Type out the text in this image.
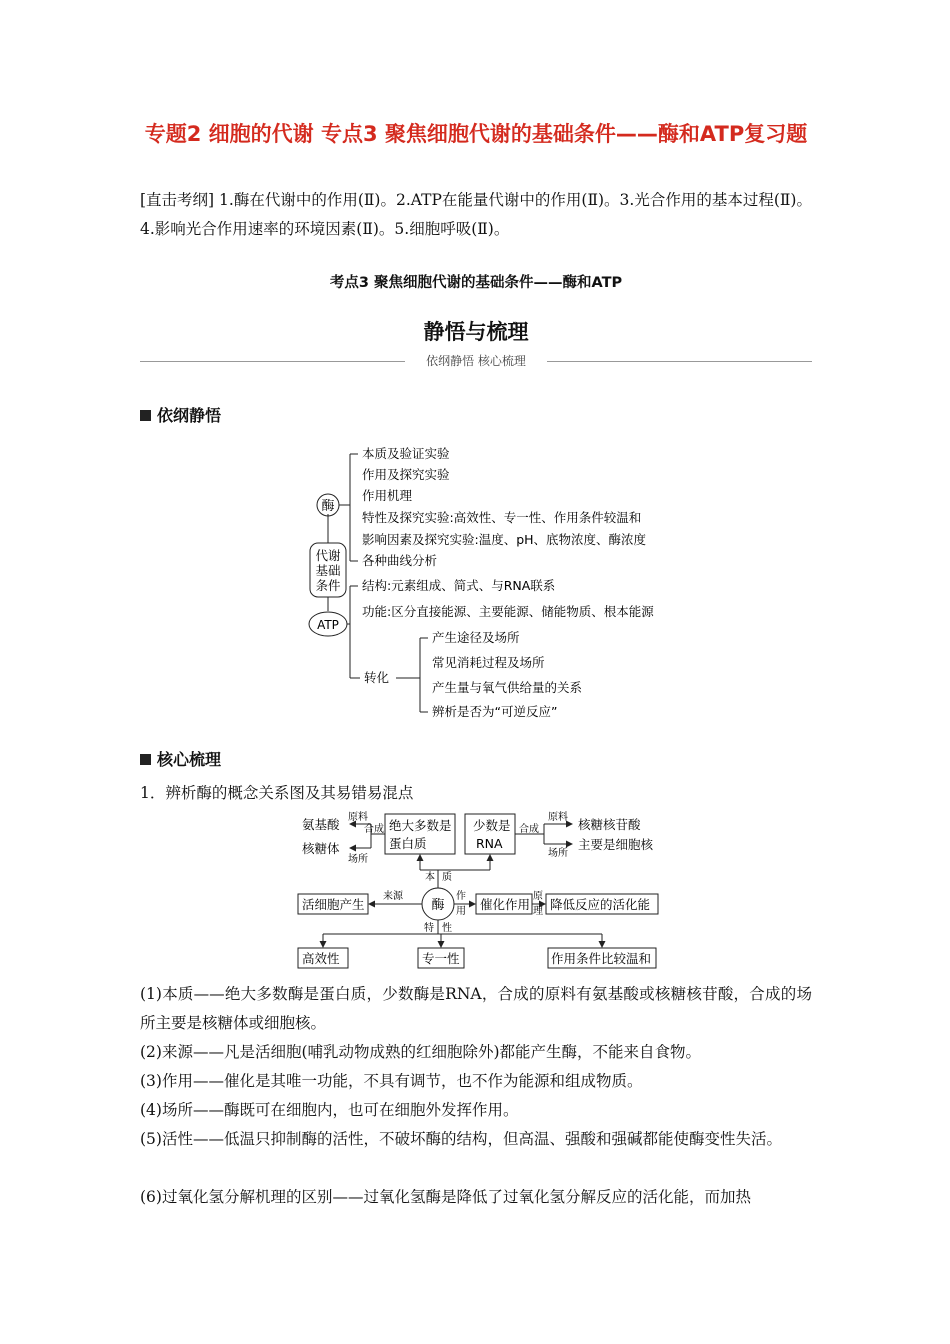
专题2 细胞的代谢 专点3 聚焦细胞代谢的基础条件——酶和ATP复习题
[直击考纲] 1.酶在代谢中的作用(Ⅱ)。2.ATP在能量代谢中的作用(Ⅱ)。3.光合作用的基本过程(Ⅱ)。4.影响光合作用速率的环境因素(Ⅱ)。5.细胞呼吸(Ⅱ)。
考点3 聚焦细胞代谢的基础条件——酶和ATP
静悟与梳理
依纲静悟 核心梳理
依纲静悟
酶
代谢
基础
条件
ATP
本质及验证实验
作用及探究实验
作用机理
特性及探究实验:高效性、专一性、作用条件较温和
影响因素及探究实验:温度、pH、底物浓度、酶浓度
各种曲线分析
结构:元素组成、简式、与RNA联系
功能:区分直接能源、主要能源、储能物质、根本能源
转化
产生途径及场所
常见消耗过程及场所
产生量与氧气供给量的关系
辨析是否为“可逆反应”
核心梳理
1．辨析酶的概念关系图及其易错易混点
氨基酸
核糖体
绝大多数是
蛋白质
少数是
RNA
核糖核苷酸
主要是细胞核
活细胞产生	催化作用 降低反应的活化能
高效性	专一性	作用条件比较温和
酶
原料
场所
合成	合成
原料
场所
本 质
来源	作
用
原
理
特 性
(1)本质——绝大多数酶是蛋白质，少数酶是RNA，合成的原料有氨基酸或核糖核苷酸，合成的场所主要是核糖体或细胞核。
(2)来源——凡是活细胞(哺乳动物成熟的红细胞除外)都能产生酶，不能来自食物。
(3)作用——催化是其唯一功能，不具有调节，也不作为能源和组成物质。
(4)场所——酶既可在细胞内，也可在细胞外发挥作用。
(5)活性——低温只抑制酶的活性，不破坏酶的结构，但高温、强酸和强碱都能使酶变性失活。
(6)过氧化氢分解机理的区别——过氧化氢酶是降低了过氧化氢分解反应的活化能，而加热
